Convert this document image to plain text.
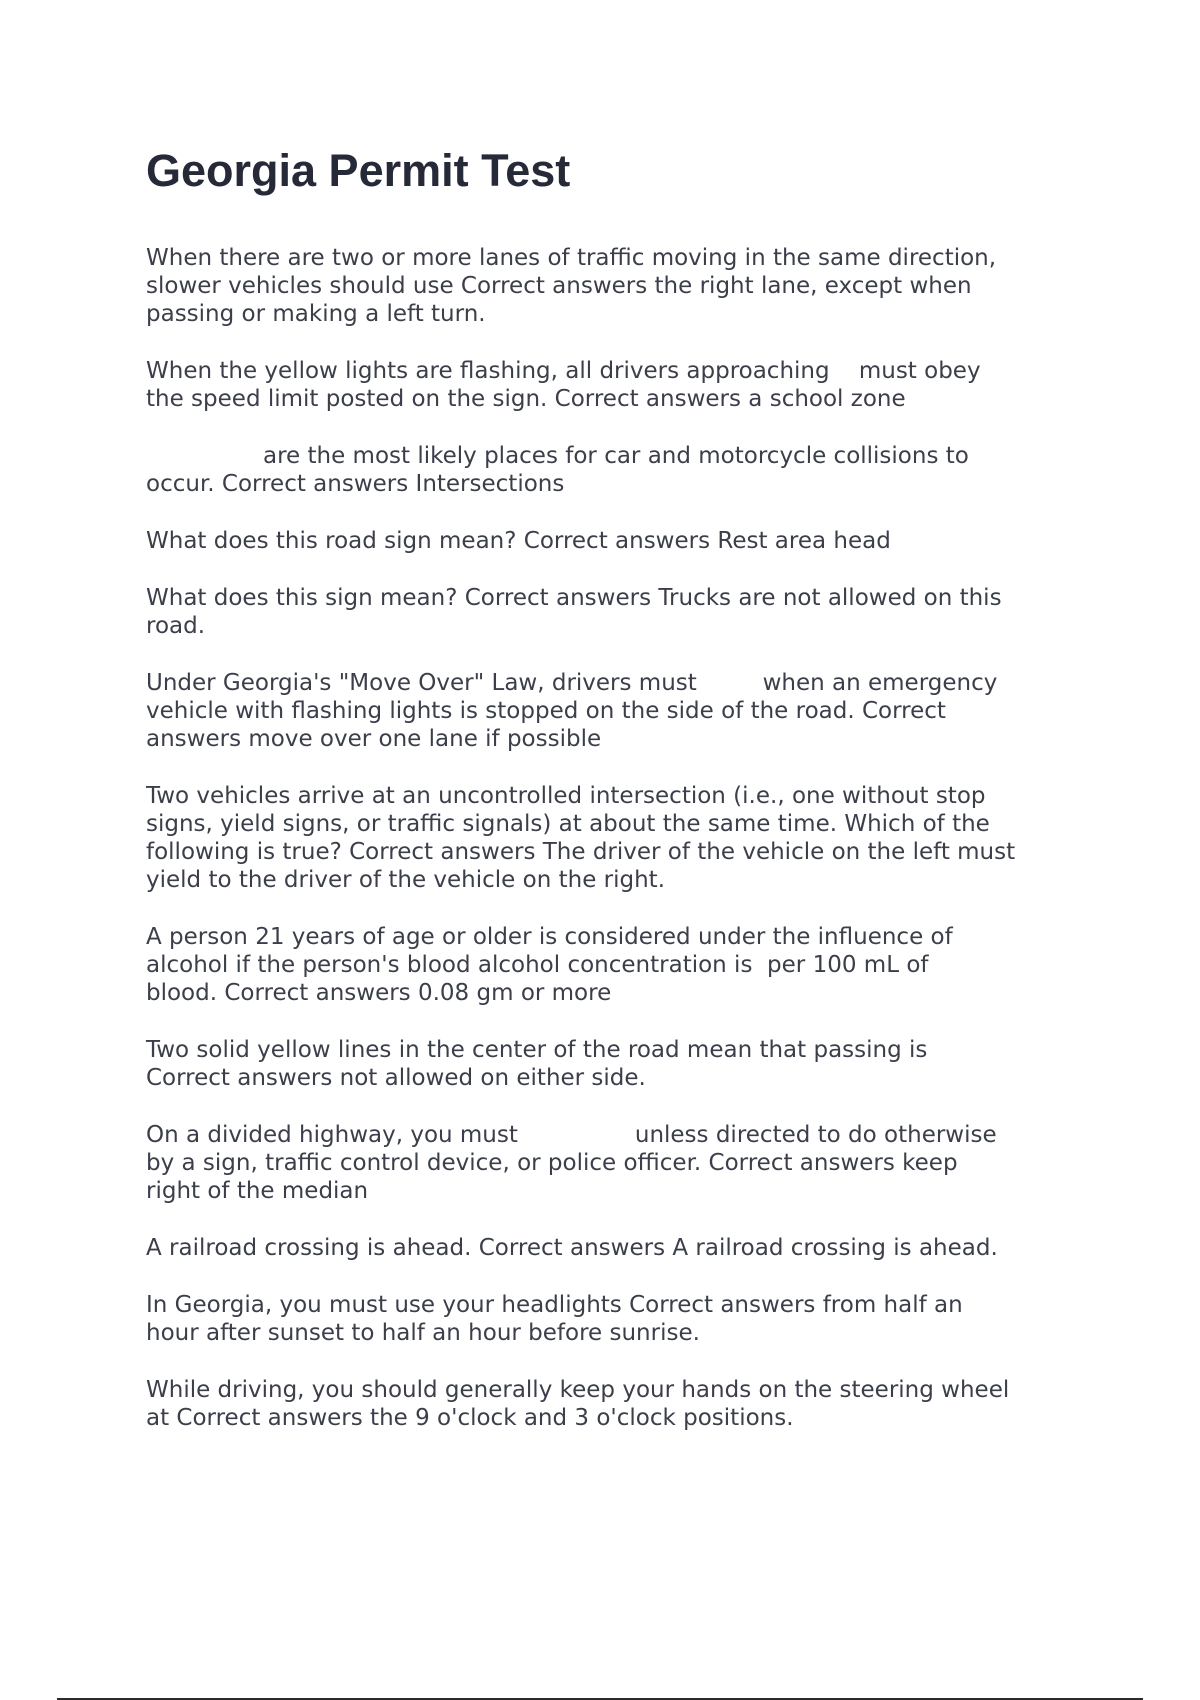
Georgia Permit Test

When there are two or more lanes of traffic moving in the same direction,
slower vehicles should use Correct answers the right lane, except when
passing or making a left turn.

When the yellow lights are flashing, all drivers approaching    must obey
the speed limit posted on the sign. Correct answers a school zone

are the most likely places for car and motorcycle collisions to
occur. Correct answers Intersections

What does this road sign mean? Correct answers Rest area head

What does this sign mean? Correct answers Trucks are not allowed on this
road.

Under Georgia's "Move Over" Law, drivers must         when an emergency
vehicle with flashing lights is stopped on the side of the road. Correct
answers move over one lane if possible

Two vehicles arrive at an uncontrolled intersection (i.e., one without stop
signs, yield signs, or traffic signals) at about the same time. Which of the
following is true? Correct answers The driver of the vehicle on the left must
yield to the driver of the vehicle on the right.

A person 21 years of age or older is considered under the influence of
alcohol if the person's blood alcohol concentration is  per 100 mL of
blood. Correct answers 0.08 gm or more

Two solid yellow lines in the center of the road mean that passing is
Correct answers not allowed on either side.

On a divided highway, you must                unless directed to do otherwise
by a sign, traffic control device, or police officer. Correct answers keep
right of the median

A railroad crossing is ahead. Correct answers A railroad crossing is ahead.

In Georgia, you must use your headlights Correct answers from half an
hour after sunset to half an hour before sunrise.

While driving, you should generally keep your hands on the steering wheel
at Correct answers the 9 o'clock and 3 o'clock positions.
